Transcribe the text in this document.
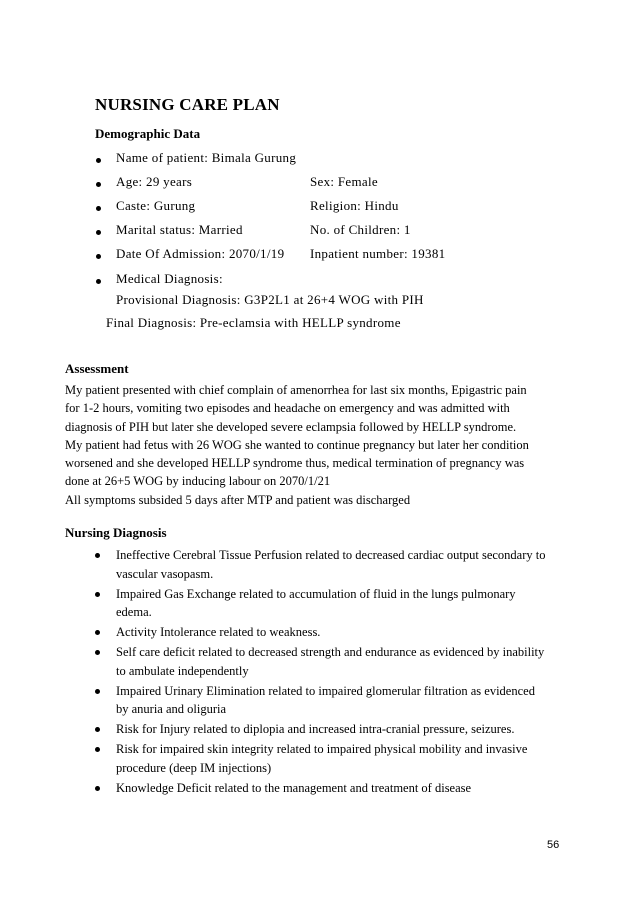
NURSING CARE PLAN
Demographic Data
Name of patient: Bimala Gurung
Age: 29 years	Sex: Female
Caste: Gurung	Religion: Hindu
Marital status: Married	No. of Children: 1
Date Of Admission: 2070/1/19 Inpatient number: 19381
Medical Diagnosis:
Provisional Diagnosis: G3P2L1 at 26+4 WOG with PIH
Final Diagnosis: Pre-eclamsia with HELLP syndrome
Assessment
My patient presented with chief complain of amenorrhea for last six months, Epigastric pain
for 1-2 hours, vomiting two episodes and headache on emergency and was admitted with
diagnosis of PIH but later she developed severe eclampsia followed by HELLP syndrome.
My patient had fetus with 26 WOG she wanted to continue pregnancy but later her condition
worsened and she developed HELLP syndrome thus, medical termination of pregnancy was
done at 26+5 WOG by inducing labour on 2070/1/21
All symptoms subsided 5 days after MTP and patient was discharged
Nursing Diagnosis
Ineffective Cerebral Tissue Perfusion related to decreased cardiac output secondary to
vascular vasopasm.
Impaired Gas Exchange related to accumulation of fluid in the lungs pulmonary
edema.
Activity Intolerance related to weakness.
Self care deficit related to decreased strength and endurance as evidenced by inability
to ambulate independently
Impaired Urinary Elimination related to impaired glomerular filtration as evidenced
by anuria and oliguria
Risk for Injury related to diplopia and increased intra-cranial pressure, seizures.
Risk for impaired skin integrity related to impaired physical mobility and invasive
procedure (deep IM injections)
Knowledge Deficit related to the management and treatment of disease
56
